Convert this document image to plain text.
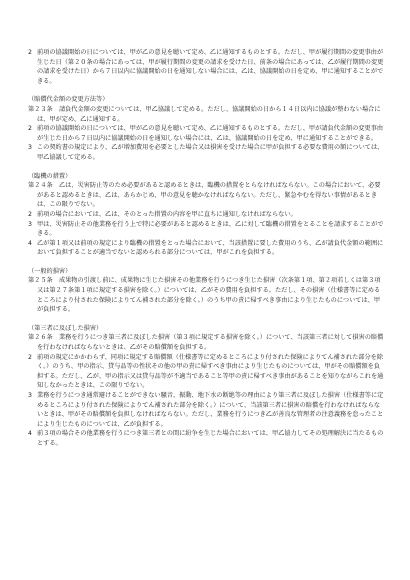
2 前項の協議開始の日については、甲が乙の意見を聴いて定め、乙に通知するものとする。ただし、甲が履行期間の変更事由が生じた日（第２０条の場合にあっては、甲が履行期間の変更の請求を受けた日、前条の場合にあっては、乙が履行期間の変更の請求を受けた日）から７日以内に協議開始の日を通知しない場合には、乙は、協議開始の日を定め、甲に通知することができる。
（賠償代金額の変更方法等）
第２３条　 請負代金額の変更については、甲乙協議して定める。ただし、協議開始の日から１４日以内に協議が整わない場合には、甲が定め、乙に通知する。
2 前項の協議開始の日については、甲が乙の意見を聴いて定め、乙に通知するものとする。ただし、甲が請負代金額の変更事由が生じた日から７日以内に協議開始の日を通知しない場合には、乙は、協議開始の日を定め、甲に通知することができる。
3 この契約書の規定により、乙が増加費用を必要とした場合又は損害を受けた場合に甲が負担する必要な費用の額については、甲乙協議して定める。
（臨機の措置）
第２４条　 乙は、災害防止等のため必要があると認めるときは、臨機の措置をとらなければならない。この場合において、必要があると認めるときは、乙は、あらかじめ、甲の意見を聴かなければならない。ただし、緊急やむを得ない事情があるときは、この限りでない。
2 前項の場合においては、乙は、そのとった措置の内容を甲に直ちに通知しなければならない。
3 甲は、災害防止その他業務を行う上で特に必要があると認めるときは、乙に対して臨機の措置をとることを請求することができる。
4 乙が第１項又は前項の規定により臨機の措置をとった場合において、当該措置に要した費用のうち、乙が請負代金額の範囲において負担することが適当でないと認められる部分については、甲がこれを負担する。
（一般的損害）
第２５条　 成果物の引渡し前に、成果物に生じた損害その他業務を行うにつき生じた損害（次条第１項、第２項若しくは第３項又は第２７条第１項に規定する損害を除く。）については、乙がその費用を負担する。ただし、その損害（仕様書等に定めるところにより付された保険によりてん補された部分を除く。）のうち甲の責に帰すべき事由により生じたものについては、甲が負担する。
（第三者に及ぼした損害）
第２６条　 業務を行うにつき第三者に及ぼした損害（第３項に規定する損害を除く。）について、当該第三者に対して損害の賠償を行わなければならないときは、乙がその賠償額を負担する。
2 前項の規定にかかわらず、同項に規定する賠償額（仕様書等に定めるところにより付された保険によりてん補された部分を除く。）のうち、甲の指示、貸与品等の性状その他の甲の責に帰すべき事由により生じたものについては、甲がその賠償額を負担する。ただし、乙が、甲の指示又は貸与品等が不適当であること等甲の責に帰すべき事由があることを知りながらこれを通知しなかったときは、この限りでない。
3 業務を行うにつき通常避けることができない騒音、振動、地下水の断絶等の理由により第三者に及ぼした損害（仕様書等に定めるところにより付された保険によりてん補された部分を除く。）について、当該第三者に損害の賠償を行わなければならないときは、甲がその賠償額を負担しなければならない。ただし、業務を行うにつき乙が善良な管理者の注意義務を怠ったことにより生じたものについては、乙が負担する。
4 前３項の場合その他業務を行うにつき第三者との間に紛争を生じた場合においては、甲乙協力してその処理解決に当たるものとする。
